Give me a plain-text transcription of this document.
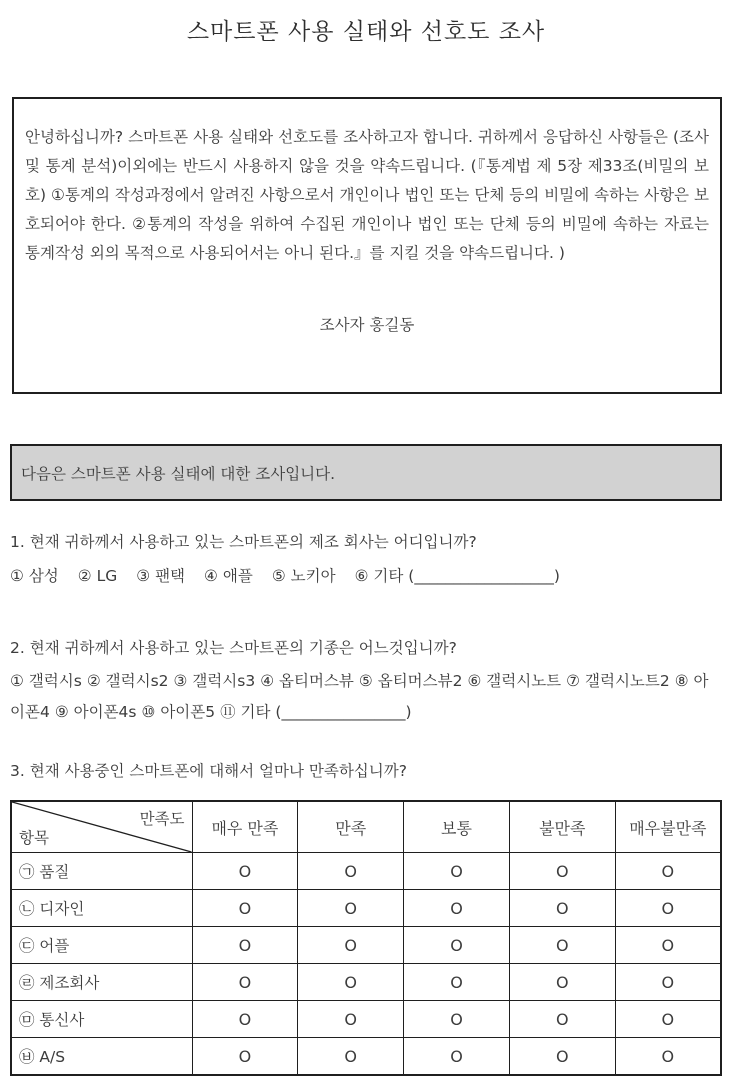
스마트폰 사용 실태와 선호도 조사

안녕하십니까? 스마트폰 사용 실태와 선호도를 조사하고자 합니다. 귀하께서 응답하신 사항들은 (조사 및 통계 분석)이외에는 반드시 사용하지 않을 것을 약속드립니다. (『통계법 제 5장 제33조(비밀의 보호) ①통계의 작성과정에서 알려진 사항으로서 개인이나 법인 또는 단체 등의 비밀에 속하는 사항은 보호되어야 한다. ②통계의 작성을 위하여 수집된 개인이나 법인 또는 단체 등의 비밀에 속하는 자료는 통계작성 외의 목적으로 사용되어서는 아니 된다.』를 지킬 것을 약속드립니다. )

조사자 홍길동

다음은 스마트폰 사용 실태에 대한 조사입니다.

1. 현재 귀하께서 사용하고 있는 스마트폰의 제조 회사는 어디입니까?

① 삼성 ② LG ③ 팬택 ④ 애플 ⑤ 노키아 ⑥ 기타 (__________________)

2. 현재 귀하께서 사용하고 있는 스마트폰의 기종은 어느것입니까?

① 갤럭시s ② 갤럭시s2 ③ 갤럭시s3 ④ 옵티머스뷰 ⑤ 옵티머스뷰2 ⑥ 갤럭시노트 ⑦ 갤럭시노트2 ⑧ 아이폰4 ⑨ 아이폰4s ⑩ 아이폰5 ⑪ 기타 (________________)

3. 현재 사용중인 스마트폰에 대해서 얼마나 만족하십니까?

만족도
항목	매우 만족	만족	보통	불만족	매우불만족
㉠ 품질	O	O	O	O	O
㉡ 디자인	O	O	O	O	O
㉢ 어플	O	O	O	O	O
㉣ 제조회사	O	O	O	O	O
㉤ 통신사	O	O	O	O	O
㉥ A/S	O	O	O	O	O
